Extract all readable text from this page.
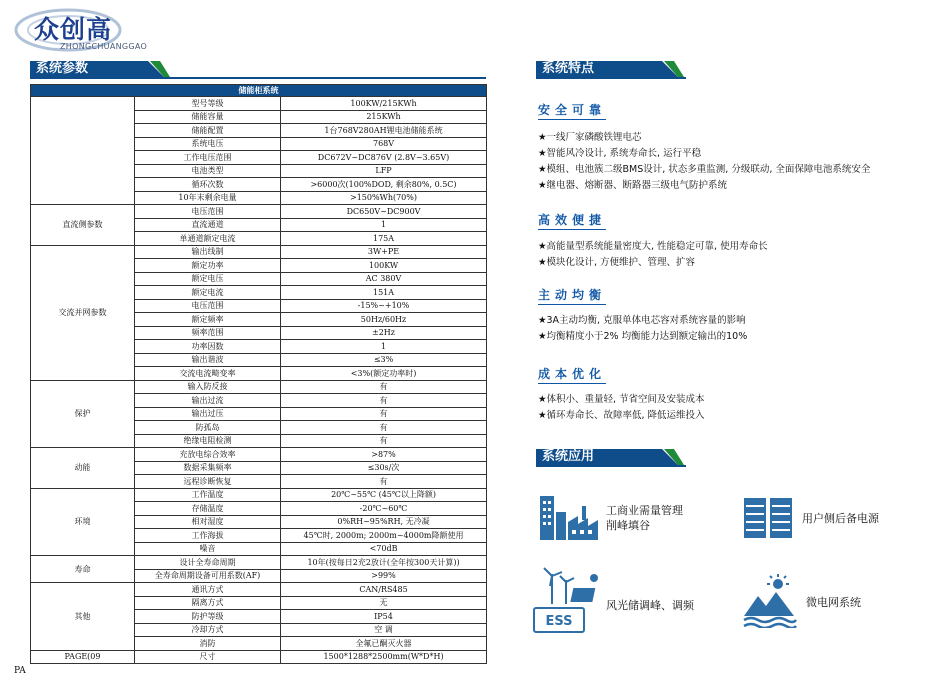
众创高
ZHONGCHUANGGAO
系统参数
储能柜系统		
	型号等级	100KW/215KWh
	储能容量	215KWh
	储能配置	1台768V280AH锂电池储能系统
	系统电压	768V
	工作电压范围	DC672V~DC876V (2.8V~3.65V)
	电池类型	LFP
	循环次数	>6000次(100%DOD, 剩余80%, 0.5C)
	10年末剩余电量	>150%Wh(70%)
直流侧参数	电压范围	DC650V~DC900V
	直流通道	1
	单通道额定电流	175A
交流并网参数	输出线制	3W+PE
	额定功率	100KW
	额定电压	AC 380V
	额定电流	151A
	电压范围	-15%~+10%
	额定频率	50Hz/60Hz
	频率范围	±2Hz
	功率因数	1
	输出谐波	≤3%
	交流电流畸变率	<3%(额定功率时)
保护	输入防反接	有
	输出过流	有
	输出过压	有
	防孤岛	有
	绝缘电阻检测	有
动能	充放电综合效率	>87%
	数据采集频率	≤30s/次
	远程诊断恢复	有
环境	工作温度	20℃~55℃ (45℃以上降额)
	存储温度	-20℃~60℃
	相对湿度	0%RH~95%RH, 无冷凝
	工作海拔	45℃时, 2000m; 2000m~4000m降额使用
	噪音	<70dB
寿命	设计全寿命周期	10年(按每日2充2放计(全年按300天计算))
	全寿命周期设备可用系数(AF)	>99%
其他	通讯方式	CAN/RS485
	隔离方式	无
	防护等级	IP54
	冷却方式	空 调
	消防	全氟已酮灭火器
PAGE(09	尺寸	1500*1288*2500mm(W*D*H)
PA
系统特点
安全可靠
★一线厂家磷酸铁锂电芯
★智能风冷设计, 系统寿命长, 运行平稳
★模组、电池簇二级BMS设计, 状态多重监测, 分级联动, 全面保障电池系统安全
★继电器、熔断器、断路器三级电气防护系统
高效便捷
★高能量型系统能量密度大, 性能稳定可靠, 使用寿命长
★模块化设计, 方便维护、管理、扩容
主动均衡
★3A主动均衡, 克服单体电芯容对系统容量的影响
★均衡精度小于2% 均衡能力达到额定输出的10%
成本优化
★体积小、重量轻, 节省空间及安装成本
★循环寿命长、故障率低, 降低运维投入
系统应用
工商业需量管理
削峰填谷
用户侧后备电源
ESS
风光储调峰、调频	微电网系统
